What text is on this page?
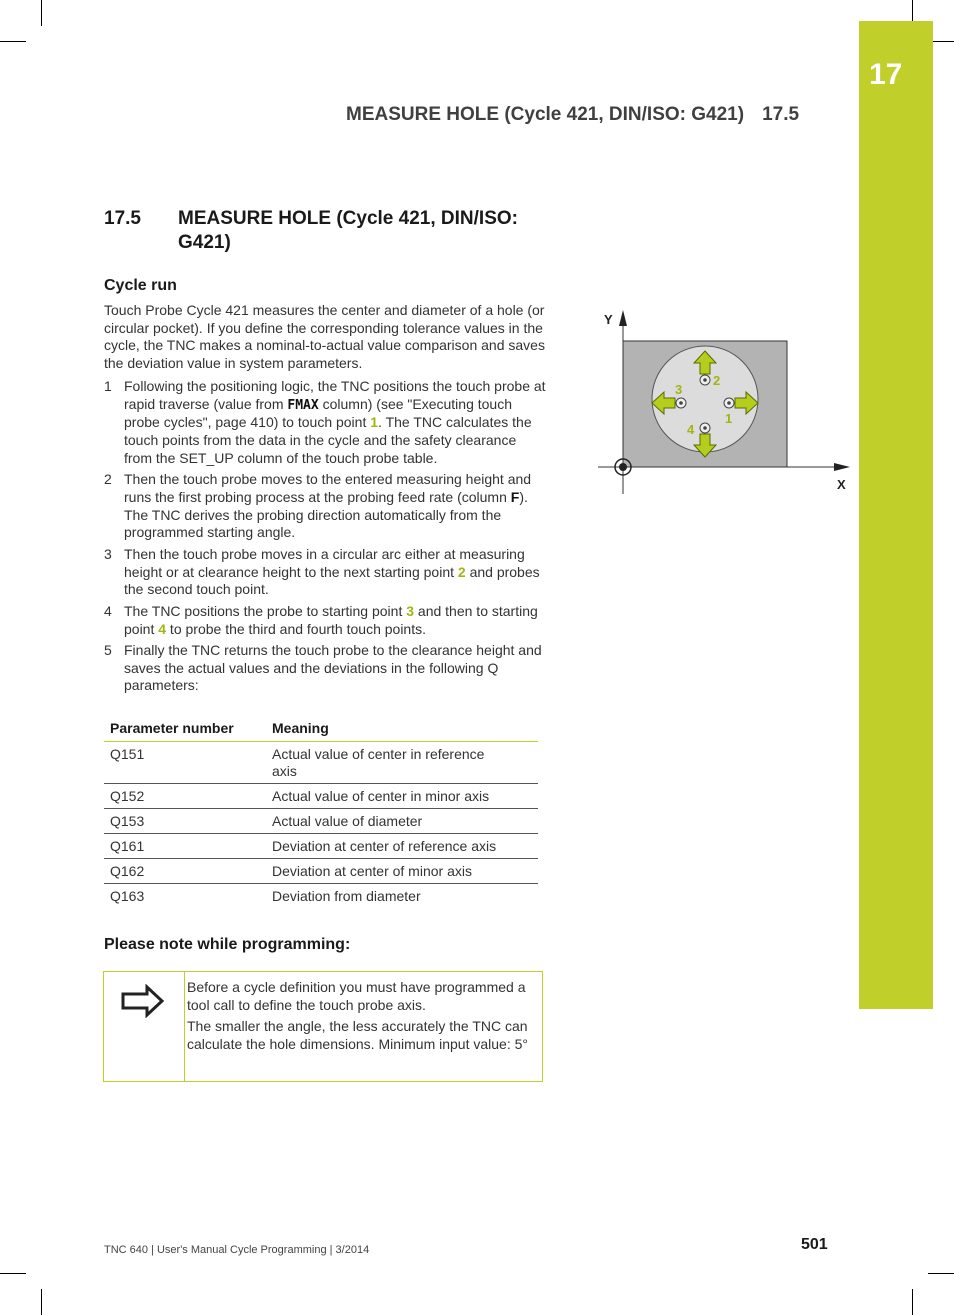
17
MEASURE HOLE (Cycle 421, DIN/ISO: G421) 17.5
17.5 MEASURE HOLE (Cycle 421, DIN/ISO: G421)
Cycle run
Touch Probe Cycle 421 measures the center and diameter of a hole (or circular pocket). If you define the corresponding tolerance values in the cycle, the TNC makes a nominal-to-actual value comparison and saves the deviation value in system parameters.
1 Following the positioning logic, the TNC positions the touch probe at rapid traverse (value from FMAX column) (see "Executing touch probe cycles", page 410) to touch point 1. The TNC calculates the touch points from the data in the cycle and the safety clearance from the SET_UP column of the touch probe table.
2 Then the touch probe moves to the entered measuring height and runs the first probing process at the probing feed rate (column F). The TNC derives the probing direction automatically from the programmed starting angle.
3 Then the touch probe moves in a circular arc either at measuring height or at clearance height to the next starting point 2 and probes the second touch point.
4 The TNC positions the probe to starting point 3 and then to starting point 4 to probe the third and fourth touch points.
5 Finally the TNC returns the touch probe to the clearance height and saves the actual values and the deviations in the following Q parameters:
Parameter number	Meaning
Q151	Actual value of center in reference axis
Q152	Actual value of center in minor axis
Q153	Actual value of diameter
Q161	Deviation at center of reference axis
Q162	Deviation at center of minor axis
Q163	Deviation from diameter
Please note while programming:

Before a cycle definition you must have programmed a tool call to define the touch probe axis.

The smaller the angle, the less accurately the TNC can calculate the hole dimensions. Minimum input value: 5°

Y
X
1
2
3
4
TNC 640 | User's Manual Cycle Programming | 3/2014	501
